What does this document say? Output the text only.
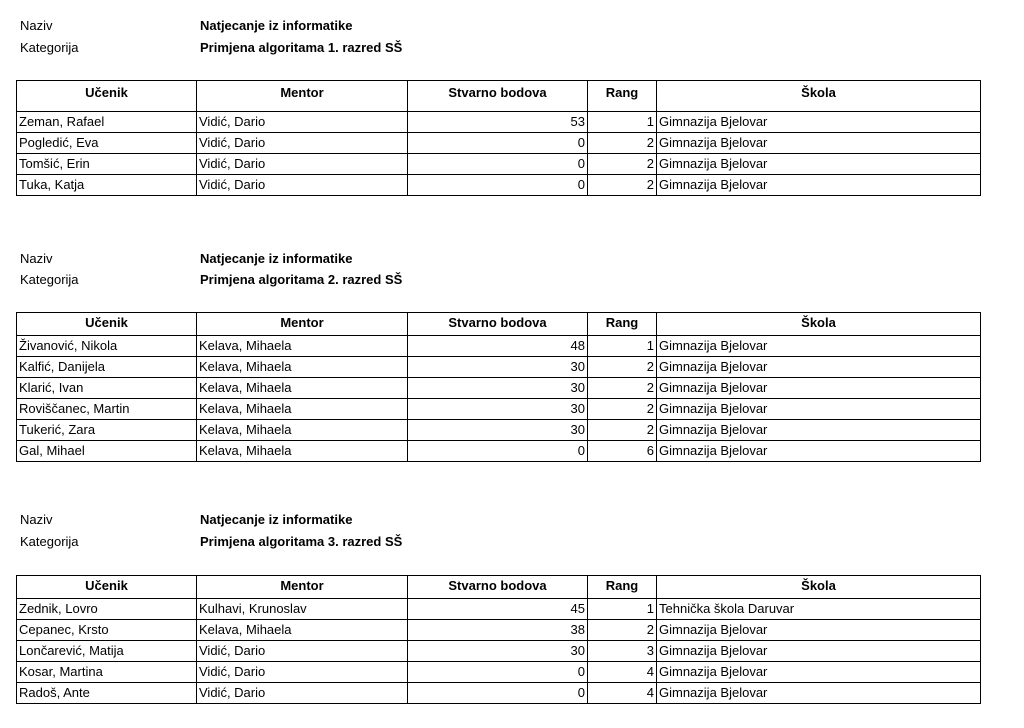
Naziv	Natjecanje iz informatike
Kategorija	Primjena algoritama 1. razred SŠ
Učenik	Mentor	Stvarno bodova	Rang	Škola
Zeman, Rafael	Vidić, Dario	53	1	Gimnazija Bjelovar
Pogledić, Eva	Vidić, Dario	0	2	Gimnazija Bjelovar
Tomšić, Erin	Vidić, Dario	0	2	Gimnazija Bjelovar
Tuka, Katja	Vidić, Dario	0	2	Gimnazija Bjelovar
Naziv	Natjecanje iz informatike
Kategorija	Primjena algoritama 2. razred SŠ
Učenik	Mentor	Stvarno bodova	Rang	Škola
Živanović, Nikola	Kelava, Mihaela	48	1	Gimnazija Bjelovar
Kalfić, Danijela	Kelava, Mihaela	30	2	Gimnazija Bjelovar
Klarić, Ivan	Kelava, Mihaela	30	2	Gimnazija Bjelovar
Roviščanec, Martin	Kelava, Mihaela	30	2	Gimnazija Bjelovar
Tukerić, Zara	Kelava, Mihaela	30	2	Gimnazija Bjelovar
Gal, Mihael	Kelava, Mihaela	0	6	Gimnazija Bjelovar
Naziv	Natjecanje iz informatike
Kategorija	Primjena algoritama 3. razred SŠ
Učenik	Mentor	Stvarno bodova	Rang	Škola
Zednik, Lovro	Kulhavi, Krunoslav	45	1	Tehnička škola Daruvar
Cepanec, Krsto	Kelava, Mihaela	38	2	Gimnazija Bjelovar
Lončarević, Matija	Vidić, Dario	30	3	Gimnazija Bjelovar
Kosar, Martina	Vidić, Dario	0	4	Gimnazija Bjelovar
Radoš, Ante	Vidić, Dario	0	4	Gimnazija Bjelovar
